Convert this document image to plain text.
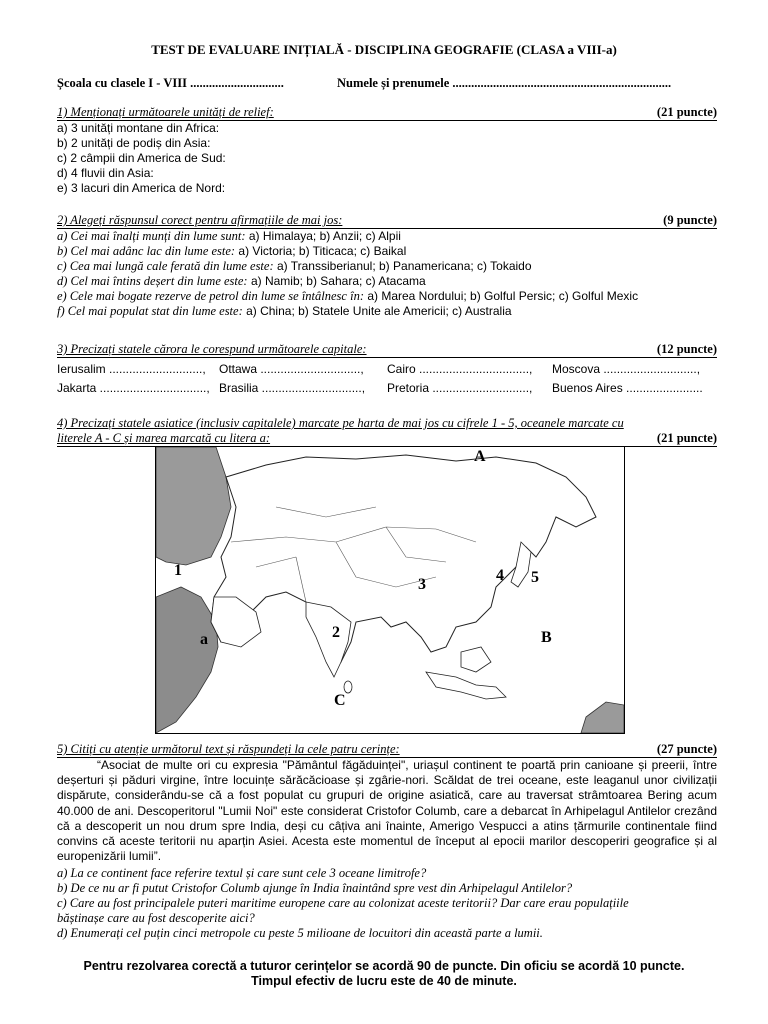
TEST DE EVALUARE INIȚIALĂ - DISCIPLINA GEOGRAFIE (CLASA a VIII-a)
Școala cu clasele I - VIII ..............................	Numele și prenumele ......................................................................
1) Menționați următoarele unități de relief:	(21 puncte)
a) 3 unități montane din Africa:
b) 2 unități de podiș din Asia:
c) 2 câmpii din America de Sud:
d) 4 fluvii din Asia:
e) 3 lacuri din America de Nord:
2) Alegeți răspunsul corect pentru afirmațiile de mai jos:	(9 puncte)
a) Cei mai înalți munți din lume sunt: a) Himalaya; b) Anzii; c) Alpii
b) Cel mai adânc lac din lume este: a) Victoria; b) Titicaca; c) Baikal
c) Cea mai lungă cale ferată din lume este: a) Transsiberianul; b) Panamericana; c) Tokaido
d) Cel mai întins deșert din lume este: a) Namib; b) Sahara; c) Atacama
e) Cele mai bogate rezerve de petrol din lume se întâlnesc în: a) Marea Nordului; b) Golful Persic; c) Golful Mexic
f) Cel mai populat stat din lume este: a) China; b) Statele Unite ale Americii; c) Australia
3) Precizați statele cărora le corespund următoarele capitale:	(12 puncte)
Ierusalim ............................, Ottawa .............................., Cairo ................................., Moscova ............................,
Jakarta ................................, Brasilia .............................., Pretoria ............................., Buenos Aires .......................
4) Precizați statele asiatice (inclusiv capitalele) marcate pe harta de mai jos cu cifrele 1 - 5, oceanele marcate cu
literele A - C și marea marcată cu litera a:	(21 puncte)
A
B
C
a
1
2
3
4 5
5) Citiți cu atenție următorul text și răspundeți la cele patru cerințe:	(27 puncte)
“Asociat de multe ori cu expresia "Pământul făgăduinței", uriașul continent te poartă prin canioane și preerii, între deșerturi și păduri virgine, între locuințe sărăcăcioase și zgârie-nori. Scăldat de trei oceane, este leaganul unor civilizații dispărute, considerându-se că a fost populat cu grupuri de origine asiatică, care au traversat strâmtoarea Bering acum 40.000 de ani. Descoperitorul "Lumii Noi" este considerat Cristofor Columb, care a debarcat în Arhipelagul Antilelor crezând că a descoperit un nou drum spre India, deși cu câțiva ani înainte, Amerigo Vespucci a atins țărmurile continentale fiind convins că aceste teritorii nu aparțin Asiei. Acesta este momentul de început al epocii marilor descoperiri geografice și al europenizării lumii”.
a) La ce continent face referire textul și care sunt cele 3 oceane limitrofe?
b) De ce nu ar fi putut Cristofor Columb ajunge în India înaintând spre vest din Arhipelagul Antilelor?
c) Care au fost principalele puteri maritime europene care au colonizat aceste teritorii? Dar care erau populațiile
băștinașe care au fost descoperite aici?
d) Enumerați cel puțin cinci metropole cu peste 5 milioane de locuitori din această parte a lumii.
Pentru rezolvarea corectă a tuturor cerințelor se acordă 90 de puncte. Din oficiu se acordă 10 puncte.
Timpul efectiv de lucru este de 40 de minute.
